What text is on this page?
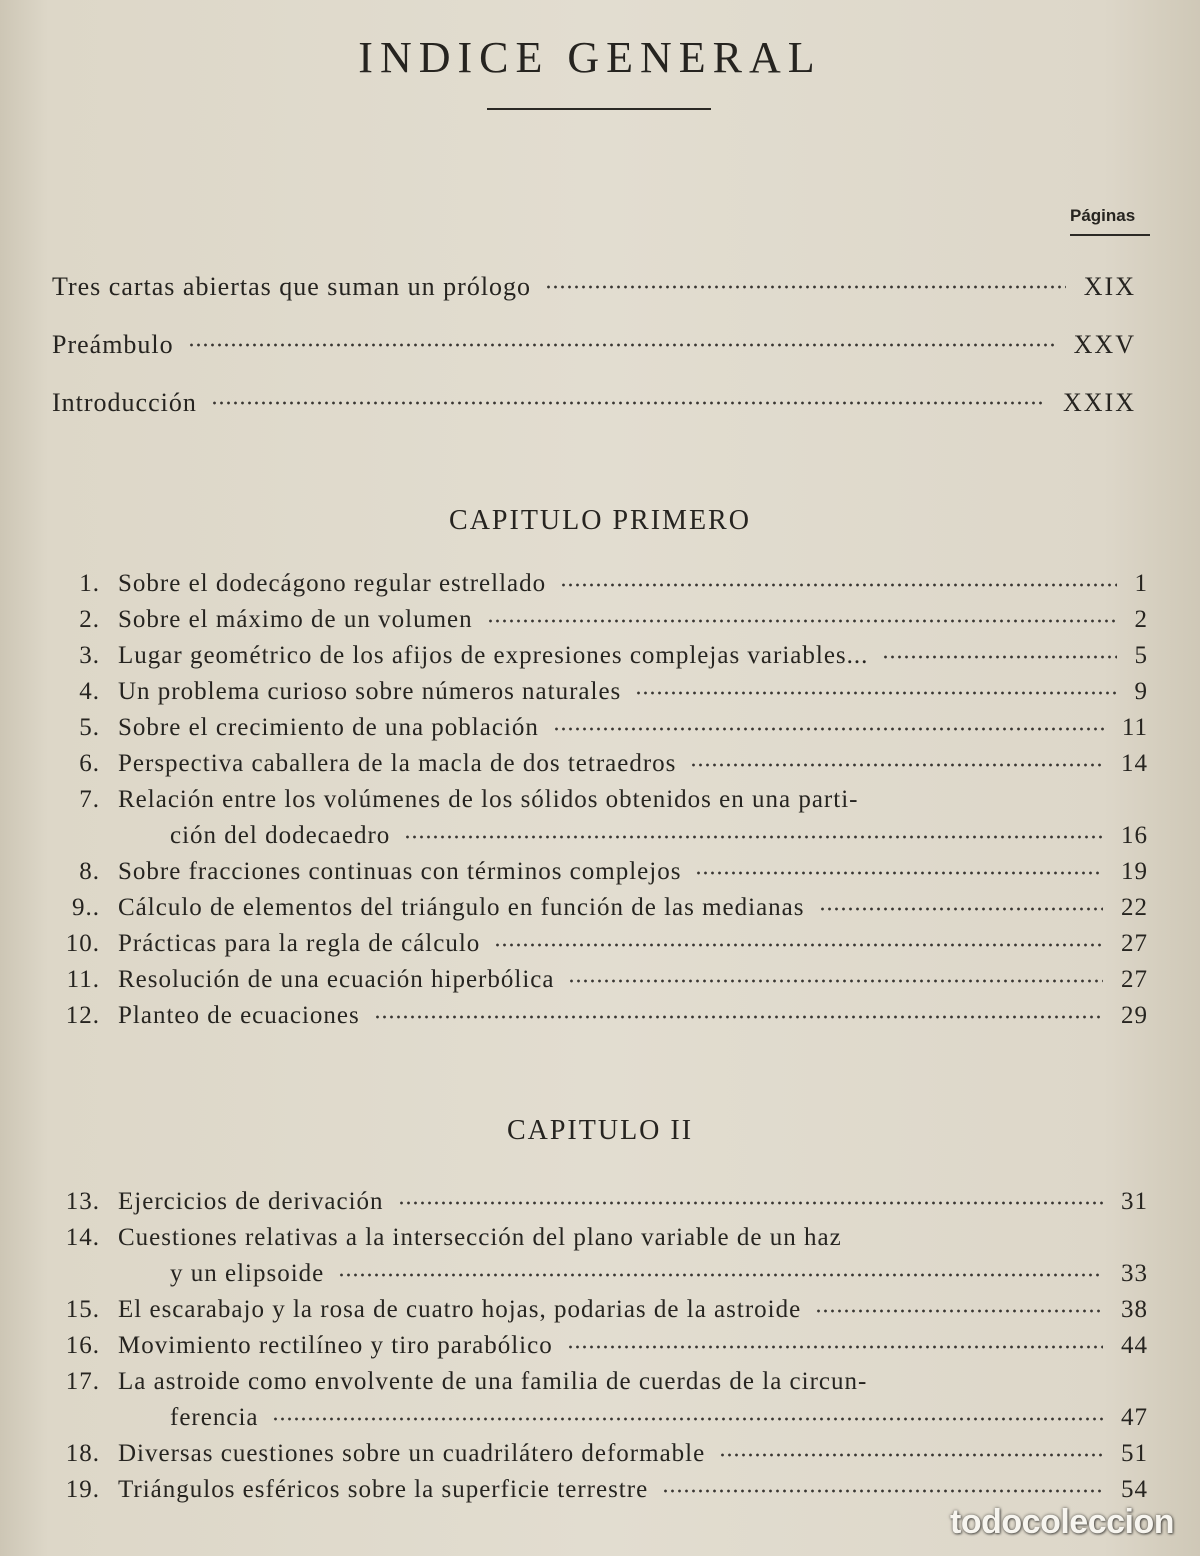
INDICE GENERAL
Páginas
Tres cartas abiertas que suman un prólogo	XIX
Preámbulo	XXV
Introducción	XXIX
CAPITULO PRIMERO
1. Sobre el dodecágono regular estrellado	1
2. Sobre el máximo de un volumen	2
3. Lugar geométrico de los afijos de expresiones complejas variables...	5
4. Un problema curioso sobre números naturales	9
5. Sobre el crecimiento de una población	11
6. Perspectiva caballera de la macla de dos tetraedros	14
7. Relación entre los volúmenes de los sólidos obtenidos en una parti-
ción del dodecaedro	16
8. Sobre fracciones continuas con términos complejos	19
9.. Cálculo de elementos del triángulo en función de las medianas	22
10. Prácticas para la regla de cálculo	27
11. Resolución de una ecuación hiperbólica	27
12. Planteo de ecuaciones	29
CAPITULO II
13. Ejercicios de derivación	31
14. Cuestiones relativas a la intersección del plano variable de un haz
y un elipsoide	33
15. El escarabajo y la rosa de cuatro hojas, podarias de la astroide	38
16. Movimiento rectilíneo y tiro parabólico	44
17. La astroide como envolvente de una familia de cuerdas de la circun-
ferencia	47
18. Diversas cuestiones sobre un cuadrilátero deformable	51
19. Triángulos esféricos sobre la superficie terrestre	54
todocoleccion
